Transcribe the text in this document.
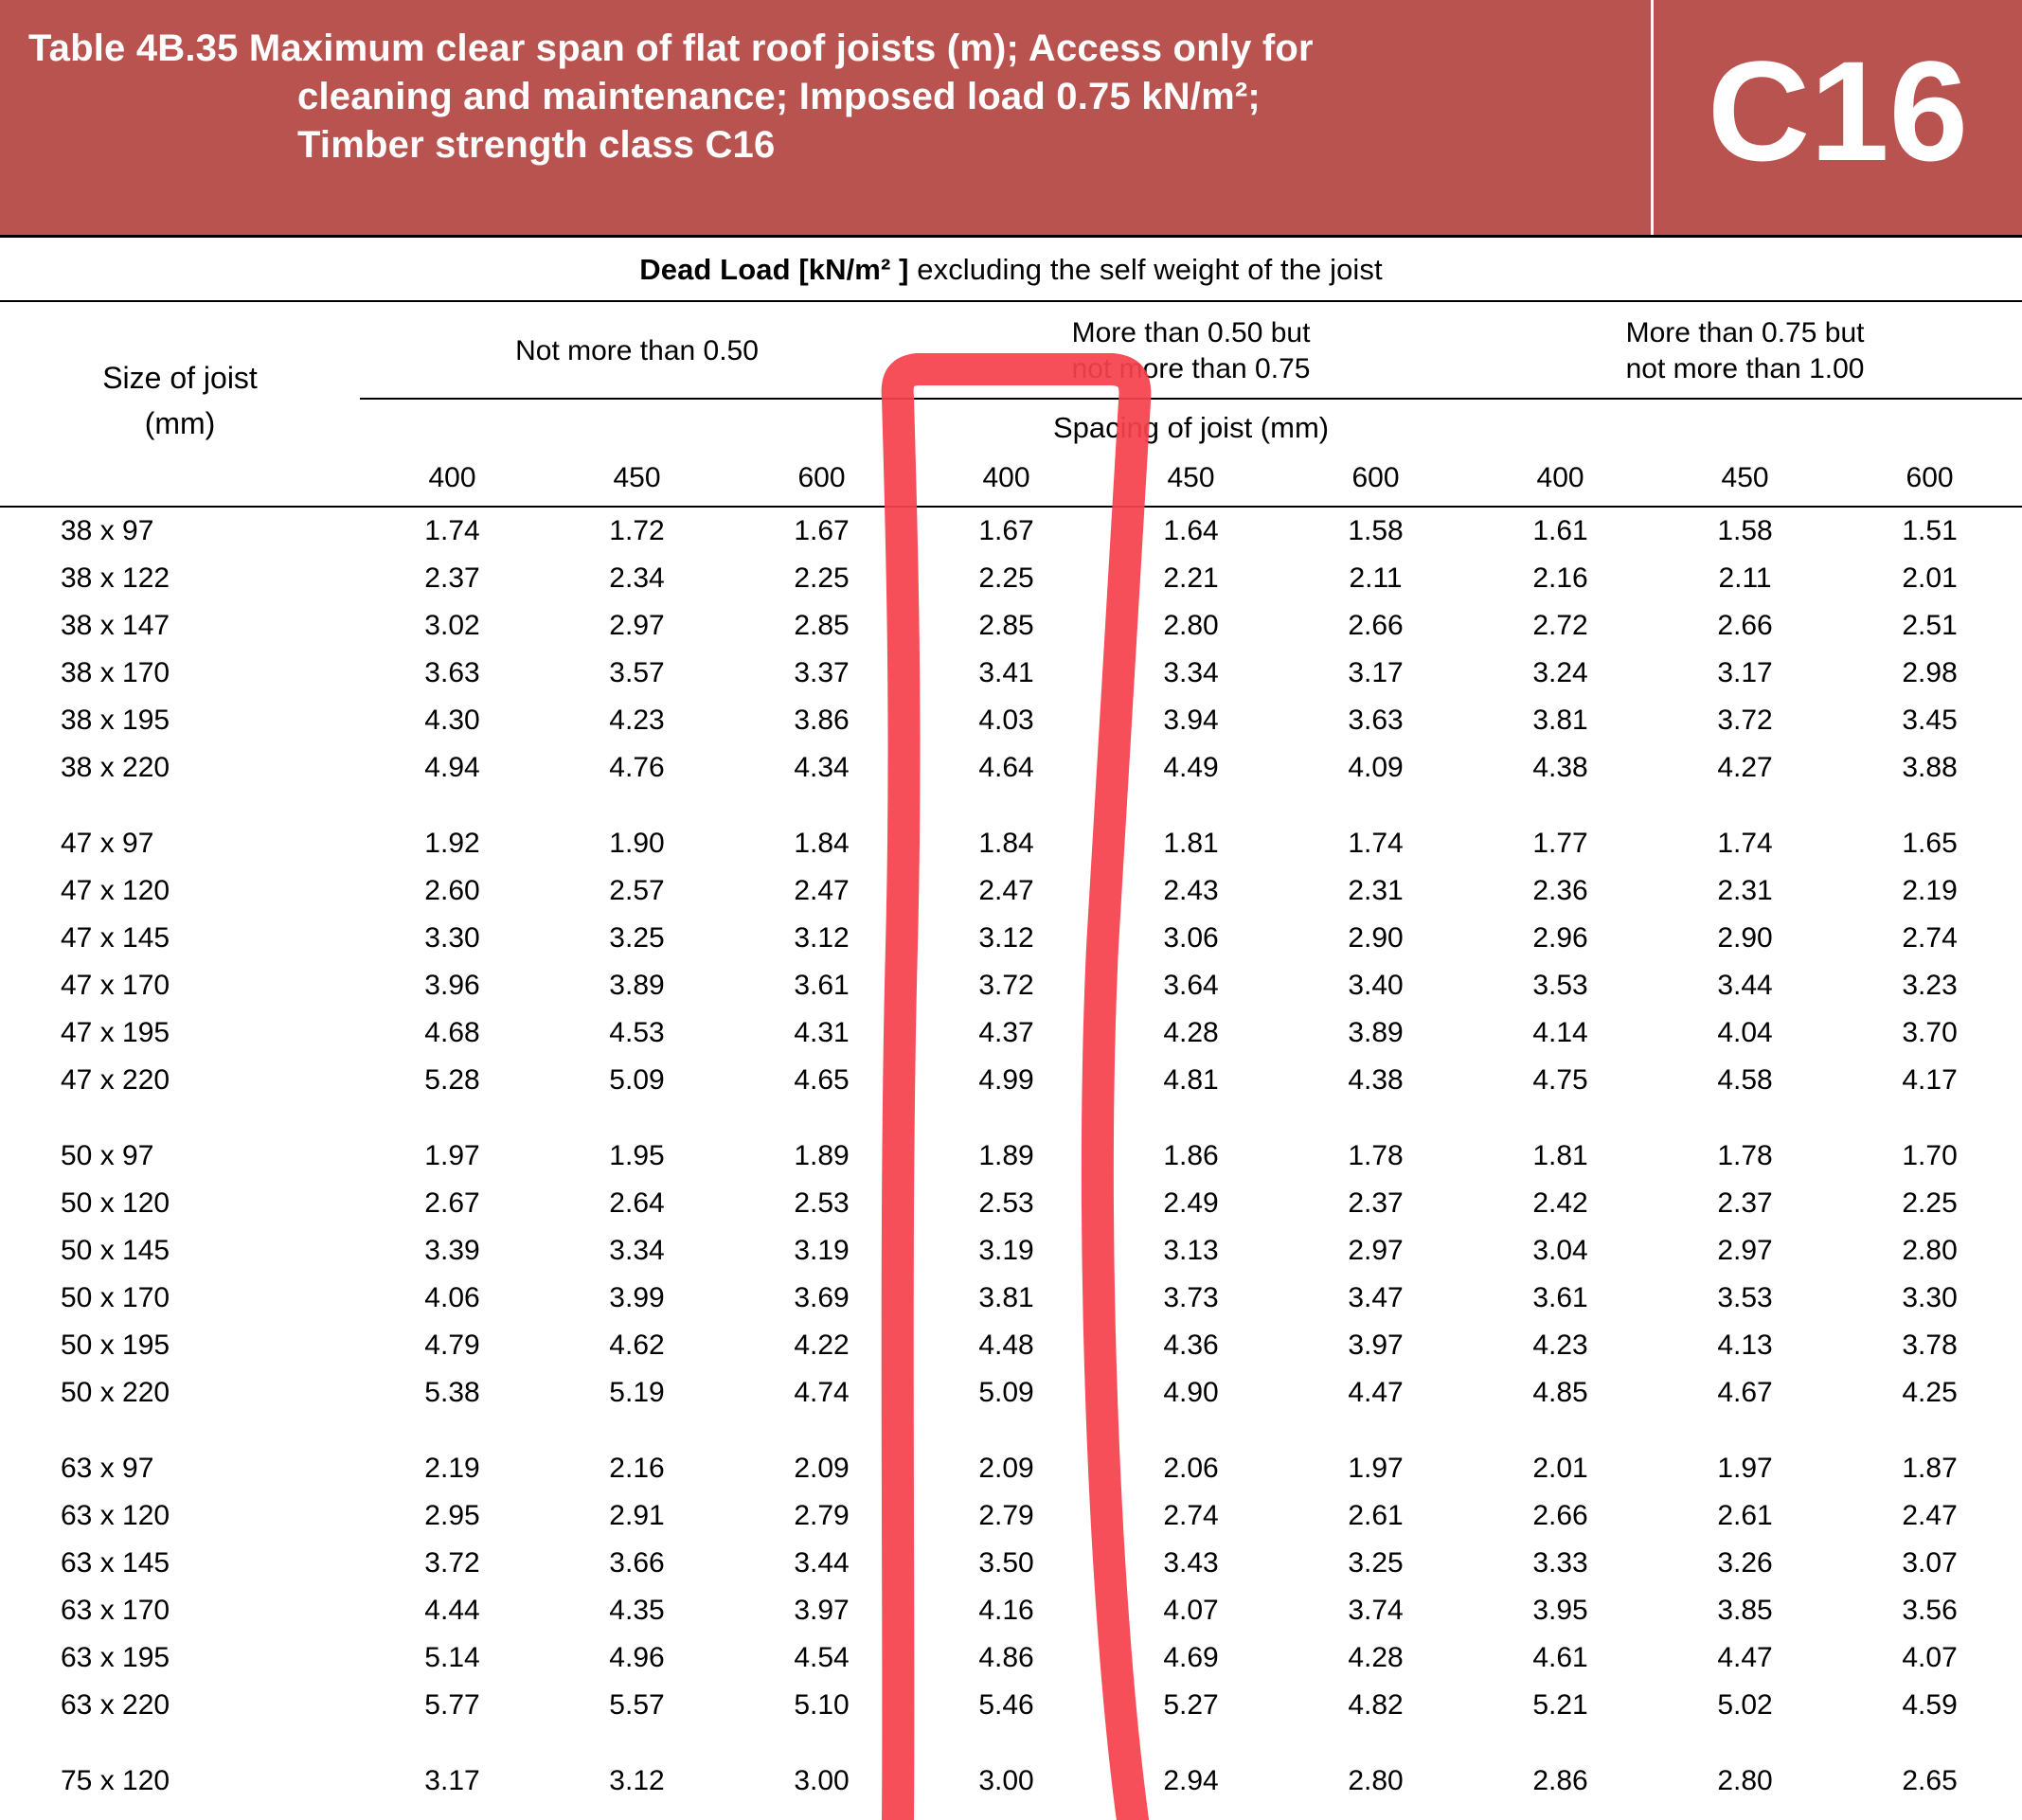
Table 4B.35 Maximum clear span of flat roof joists (m); Access only for
cleaning and maintenance; Imposed load 0.75 kN/m²;
Timber strength class C16	C16
Dead Load [kN/m² ] excluding the self weight of the joist
Size of joist
(mm)

Not more than 0.50

More than 0.50 but
not more than 0.75

More than 0.75 but
not more than 1.00

	Spacing of joist (mm)								
	400	450	600	400	450	600	400	450	600
38 x 97	1.74	1.72	1.67	1.67	1.64	1.58	1.61	1.58	1.51
38 x 122	2.37	2.34	2.25	2.25	2.21	2.11	2.16	2.11	2.01
38 x 147	3.02	2.97	2.85	2.85	2.80	2.66	2.72	2.66	2.51
38 x 170	3.63	3.57	3.37	3.41	3.34	3.17	3.24	3.17	2.98
38 x 195	4.30	4.23	3.86	4.03	3.94	3.63	3.81	3.72	3.45
38 x 220	4.94	4.76	4.34	4.64	4.49	4.09	4.38	4.27	3.88

47 x 97	1.92	1.90	1.84	1.84	1.81	1.74	1.77	1.74	1.65
47 x 120	2.60	2.57	2.47	2.47	2.43	2.31	2.36	2.31	2.19
47 x 145	3.30	3.25	3.12	3.12	3.06	2.90	2.96	2.90	2.74
47 x 170	3.96	3.89	3.61	3.72	3.64	3.40	3.53	3.44	3.23
47 x 195	4.68	4.53	4.31	4.37	4.28	3.89	4.14	4.04	3.70
47 x 220	5.28	5.09	4.65	4.99	4.81	4.38	4.75	4.58	4.17

50 x 97	1.97	1.95	1.89	1.89	1.86	1.78	1.81	1.78	1.70
50 x 120	2.67	2.64	2.53	2.53	2.49	2.37	2.42	2.37	2.25
50 x 145	3.39	3.34	3.19	3.19	3.13	2.97	3.04	2.97	2.80
50 x 170	4.06	3.99	3.69	3.81	3.73	3.47	3.61	3.53	3.30
50 x 195	4.79	4.62	4.22	4.48	4.36	3.97	4.23	4.13	3.78
50 x 220	5.38	5.19	4.74	5.09	4.90	4.47	4.85	4.67	4.25

63 x 97	2.19	2.16	2.09	2.09	2.06	1.97	2.01	1.97	1.87
63 x 120	2.95	2.91	2.79	2.79	2.74	2.61	2.66	2.61	2.47
63 x 145	3.72	3.66	3.44	3.50	3.43	3.25	3.33	3.26	3.07
63 x 170	4.44	4.35	3.97	4.16	4.07	3.74	3.95	3.85	3.56
63 x 195	5.14	4.96	4.54	4.86	4.69	4.28	4.61	4.47	4.07
63 x 220	5.77	5.57	5.10	5.46	5.27	4.82	5.21	5.02	4.59

75 x 120	3.17	3.12	3.00	3.00	2.94	2.80	2.86	2.80	2.65
